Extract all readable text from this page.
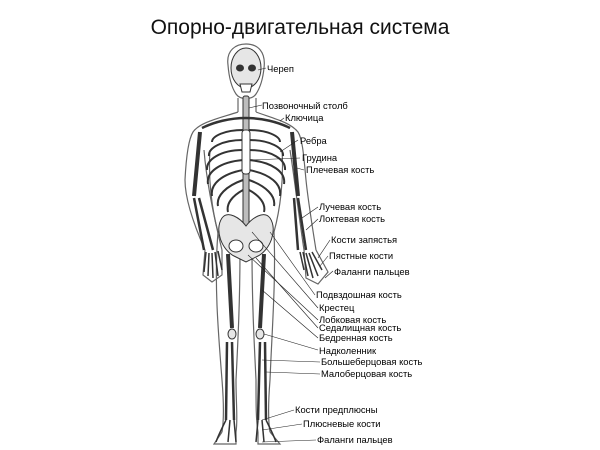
Опорно-двигательная система
Череп
Позвоночный столб
Ключица
Ребра
Грудина
Плечевая кость
Лучевая кость
Локтевая кость
Кости запястья
Пястные кости
Фаланги пальцев
Подвздошная кость
Крестец
Лобковая кость
Седалищная кость
Бедренная кость
Надколенник
Большеберцовая кость
Малоберцовая кость
Кости предплюсны
Плюсневые кости
Фаланги пальцев
